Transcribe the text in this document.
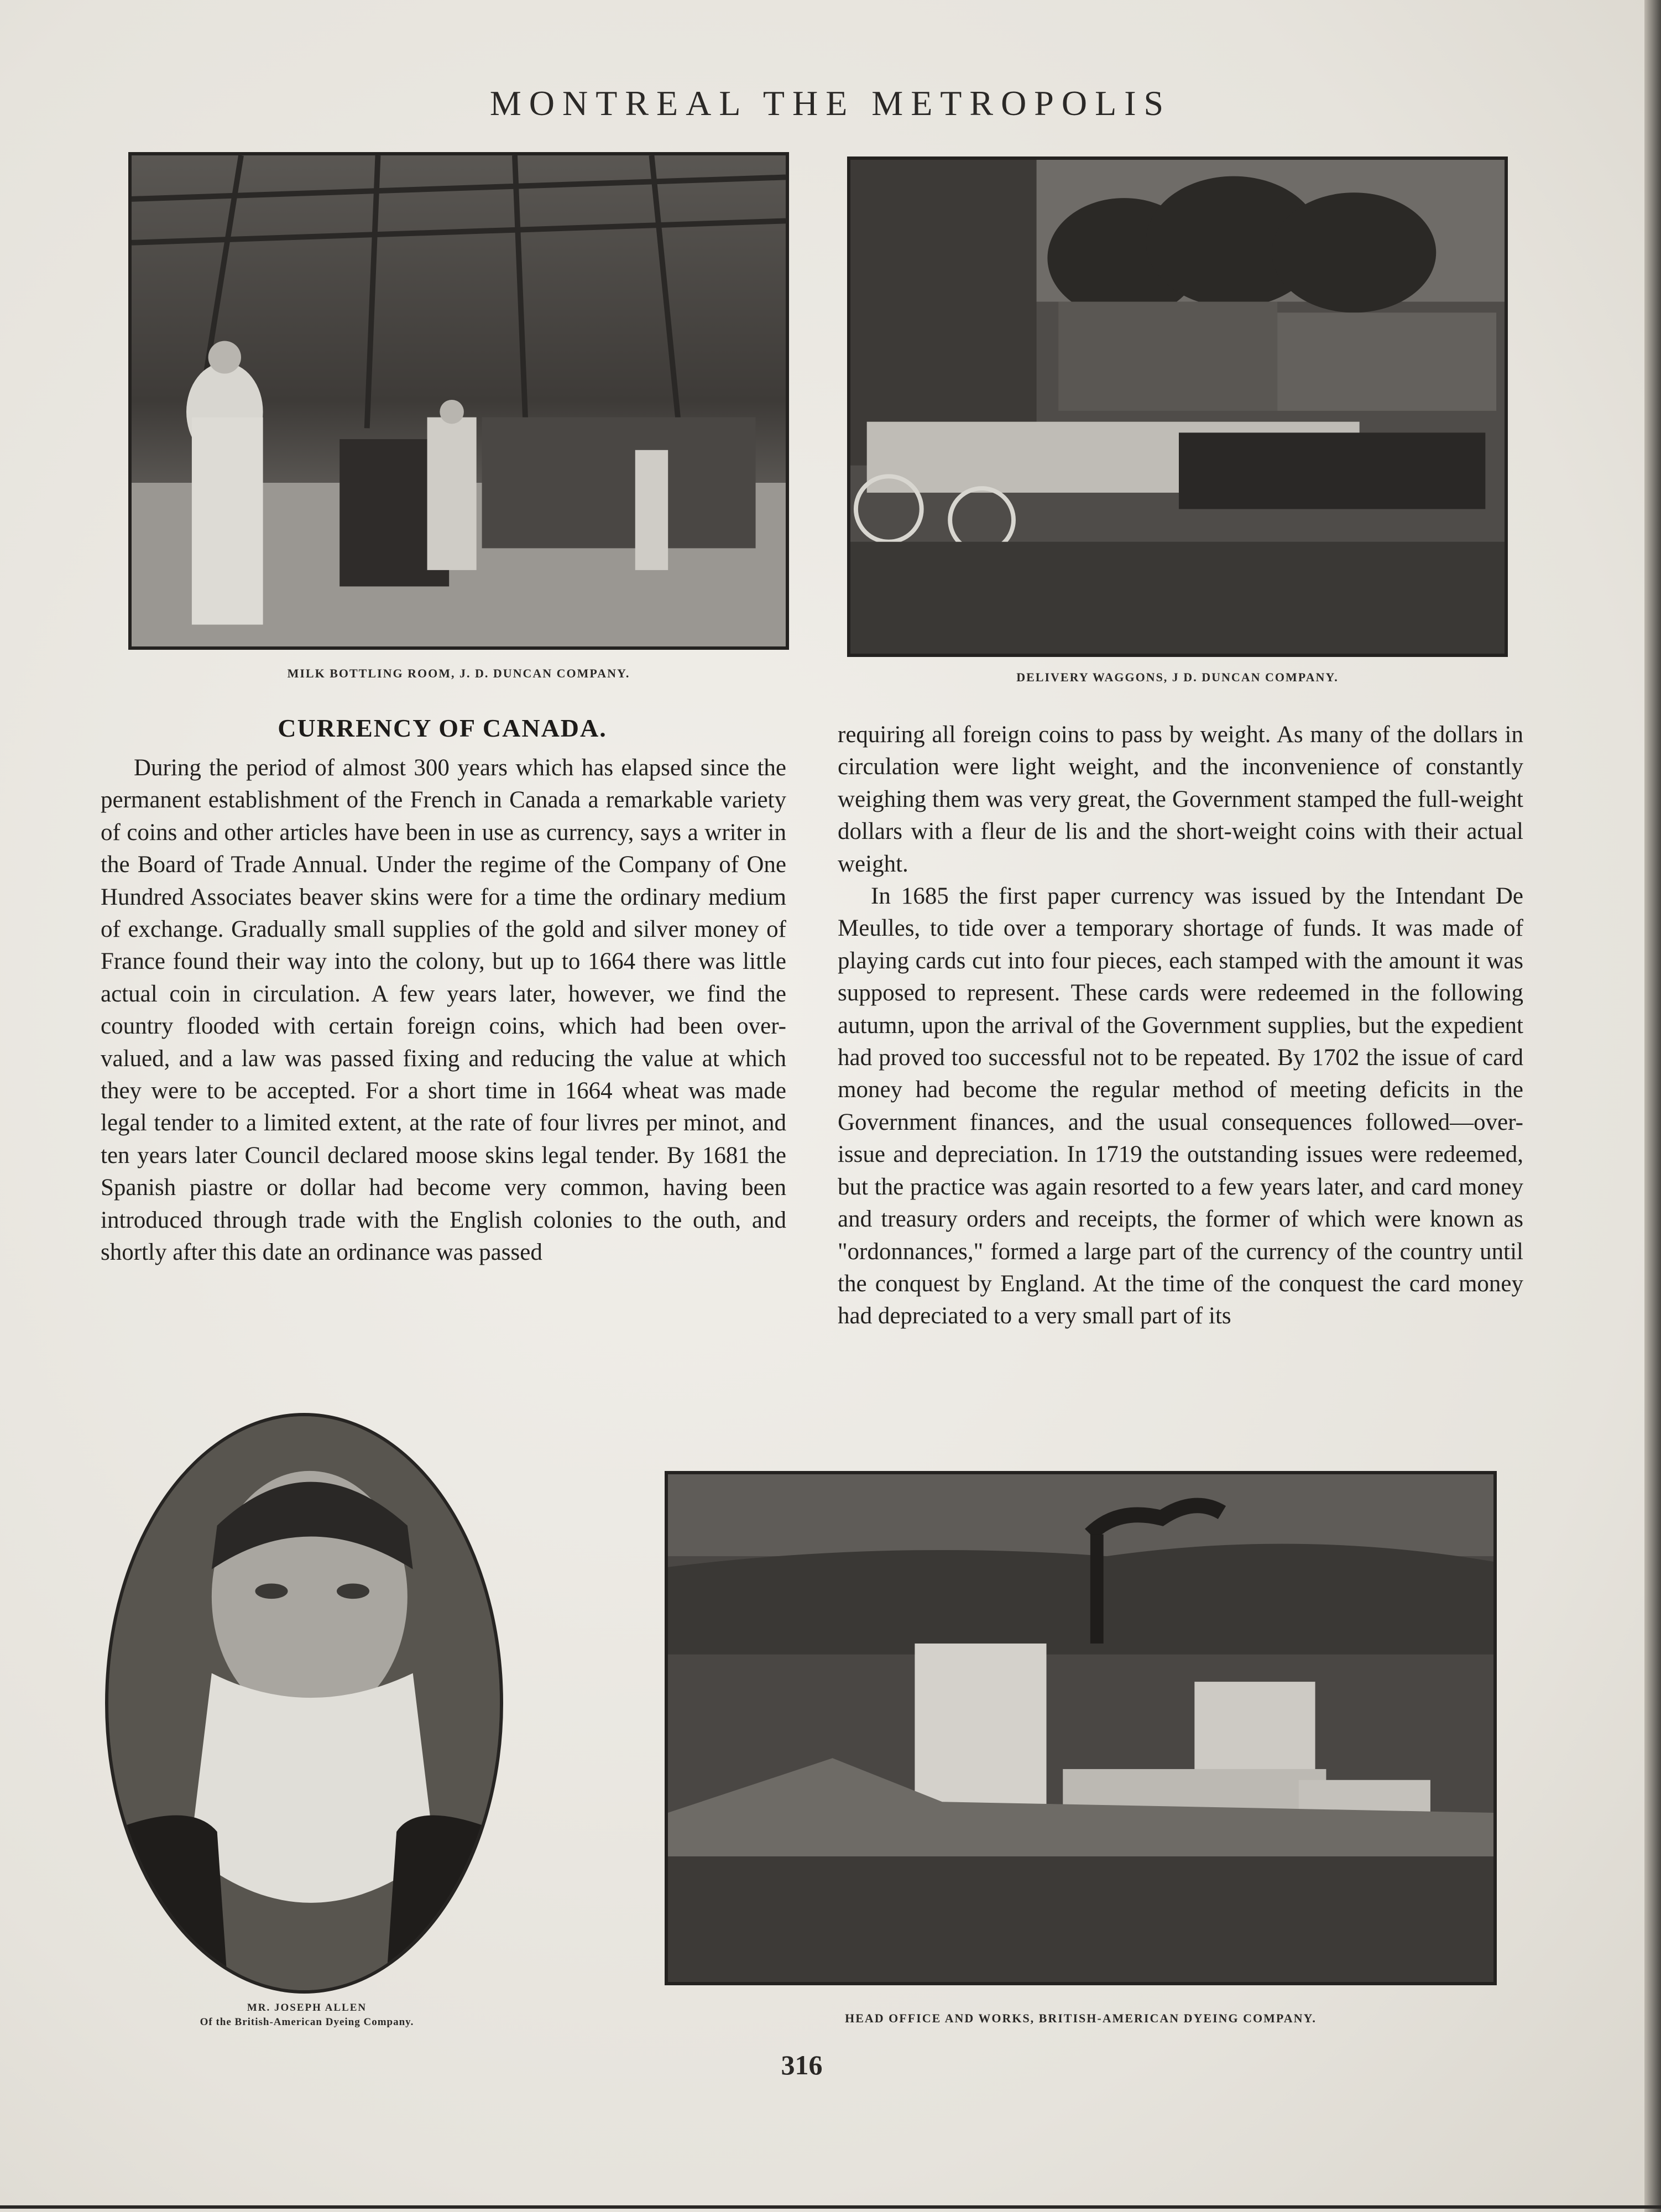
MONTREAL THE METROPOLIS
MILK BOTTLING ROOM, J. D. DUNCAN COMPANY.	DELIVERY WAGGONS, J D. DUNCAN COMPANY.
CURRENCY OF CANADA.

During the period of almost 300 years which has elapsed since the permanent establishment of the French in Canada a remarkable variety of coins and other articles have been in use as currency, says a writer in the Board of Trade Annual. Under the regime of the Company of One Hundred Associates beaver skins were for a time the ordinary medium of exchange. Gradually small supplies of the gold and silver money of France found their way into the colony, but up to 1664 there was little actual coin in circulation. A few years later, however, we find the country flooded with certain foreign coins, which had been over-valued, and a law was passed fixing and reducing the value at which they were to be accepted. For a short time in 1664 wheat was made legal tender to a limited extent, at the rate of four livres per minot, and ten years later Council declared moose skins legal tender. By 1681 the Spanish piastre or dollar had become very common, having been introduced through trade with the English colonies to the outh, and shortly after this date an ordinance was passed

requiring all foreign coins to pass by weight. As many of the dollars in circulation were light weight, and the inconvenience of constantly weighing them was very great, the Government stamped the full-weight dollars with a fleur de lis and the short-weight coins with their actual weight.

In 1685 the first paper currency was issued by the Intendant De Meulles, to tide over a temporary shortage of funds. It was made of playing cards cut into four pieces, each stamped with the amount it was supposed to represent. These cards were redeemed in the following autumn, upon the arrival of the Government supplies, but the expedient had proved too successful not to be repeated. By 1702 the issue of card money had become the regular method of meeting deficits in the Government finances, and the usual consequences followed—over-issue and depreciation. In 1719 the outstanding issues were redeemed, but the practice was again resorted to a few years later, and card money and treasury orders and receipts, the former of which were known as "ordonnances," formed a large part of the currency of the country until the conquest by England. At the time of the conquest the card money had depreciated to a very small part of its

MR. JOSEPH ALLEN
Of the British-American Dyeing Company.	HEAD OFFICE AND WORKS, BRITISH-AMERICAN DYEING COMPANY.
316
